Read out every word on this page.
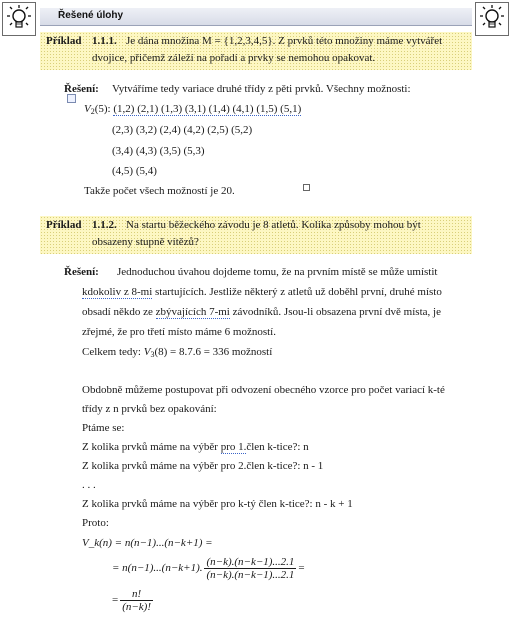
Řešené úlohy
Příklad 1.1.1. Je dána množina M = {1,2,3,4,5}. Z prvků této množiny máme vytvářet
dvojice, přičemž záleží na pořadí a prvky se nemohou opakovat.
Řešení: Vytváříme tedy variace druhé třídy z pěti prvků. Všechny možnosti:
$V_2(5)$: (1,2) (2,1) (1,3) (3,1) (1,4) (4,1) (1,5) (5,1)
(2,3) (3,2) (2,4) (4,2) (2,5) (5,2)
(3,4) (4,3) (3,5) (5,3)
(4,5) (5,4)
Takže počet všech možností je 20.
Příklad 1.1.2. Na startu běžeckého závodu je 8 atletů. Kolika způsoby mohou být
obsazeny stupně vítězů?
Řešení: Jednoduchou úvahou dojdeme tomu, že na prvním místě se může umístit
kdokoliv z 8-mi startujících. Jestliže některý z atletů už doběhl první, druhé místo
obsadí někdo ze zbývajících 7-mi závodníků. Jsou-li obsazena první dvě místa, je
zřejmé, že pro třetí místo máme 6 možností.
Celkem tedy: $V_3(8) = 8.7.6 = 336$ možností
Obdobně můžeme postupovat při odvození obecného vzorce pro počet variací k-té
třídy z n prvků bez opakování:
Ptáme se:
Z kolika prvků máme na výběr pro 1.člen k-tice?: n
Z kolika prvků máme na výběr pro 2.člen k-tice?: n - 1
. . .
Z kolika prvků máme na výběr pro k-tý člen k-tice?: n - k + 1
Proto:
V_k(n) = n(n−1)...(n−k+1) =
= n(n−1)...(n−k+1). $\frac{(n-k).(n-k-1)...2.1}{(n-k).(n-k-1)...2.1}$ =
= $\frac{n!}{(n-k)!}$
